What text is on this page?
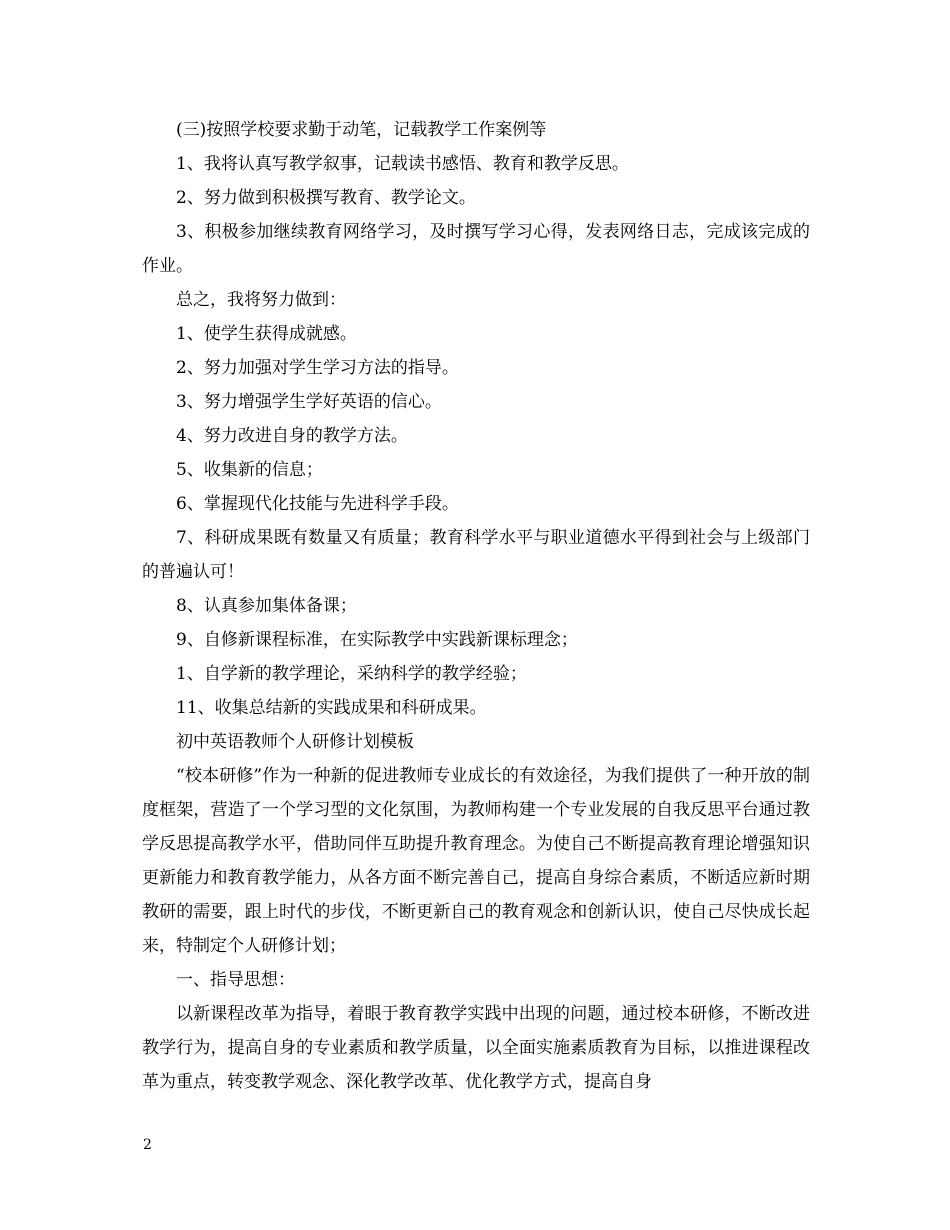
(三)按照学校要求勤于动笔，记载教学工作案例等

1、我将认真写教学叙事，记载读书感悟、教育和教学反思。

2、努力做到积极撰写教育、教学论文。

3、积极参加继续教育网络学习，及时撰写学习心得，发表网络日志，完成该完成的作业。

总之，我将努力做到：

1、使学生获得成就感。

2、努力加强对学生学习方法的指导。

3、努力增强学生学好英语的信心。

4、努力改进自身的教学方法。

5、收集新的信息；

6、掌握现代化技能与先进科学手段。

7、科研成果既有数量又有质量；教育科学水平与职业道德水平得到社会与上级部门的普遍认可！

8、认真参加集体备课；

9、自修新课程标准，在实际教学中实践新课标理念；

1、自学新的教学理论，采纳科学的教学经验；

11、收集总结新的实践成果和科研成果。

初中英语教师个人研修计划模板

“校本研修”作为一种新的促进教师专业成长的有效途径，为我们提供了一种开放的制度框架，营造了一个学习型的文化氛围，为教师构建一个专业发展的自我反思平台通过教学反思提高教学水平，借助同伴互助提升教育理念。为使自己不断提高教育理论增强知识更新能力和教育教学能力，从各方面不断完善自己，提高自身综合素质，不断适应新时期教研的需要，跟上时代的步伐，不断更新自己的教育观念和创新认识，使自己尽快成长起来，特制定个人研修计划；

一、指导思想：

以新课程改革为指导，着眼于教育教学实践中出现的问题，通过校本研修，不断改进教学行为，提高自身的专业素质和教学质量，以全面实施素质教育为目标，以推进课程改革为重点，转变教学观念、深化教学改革、优化教学方式，提高自身

2
